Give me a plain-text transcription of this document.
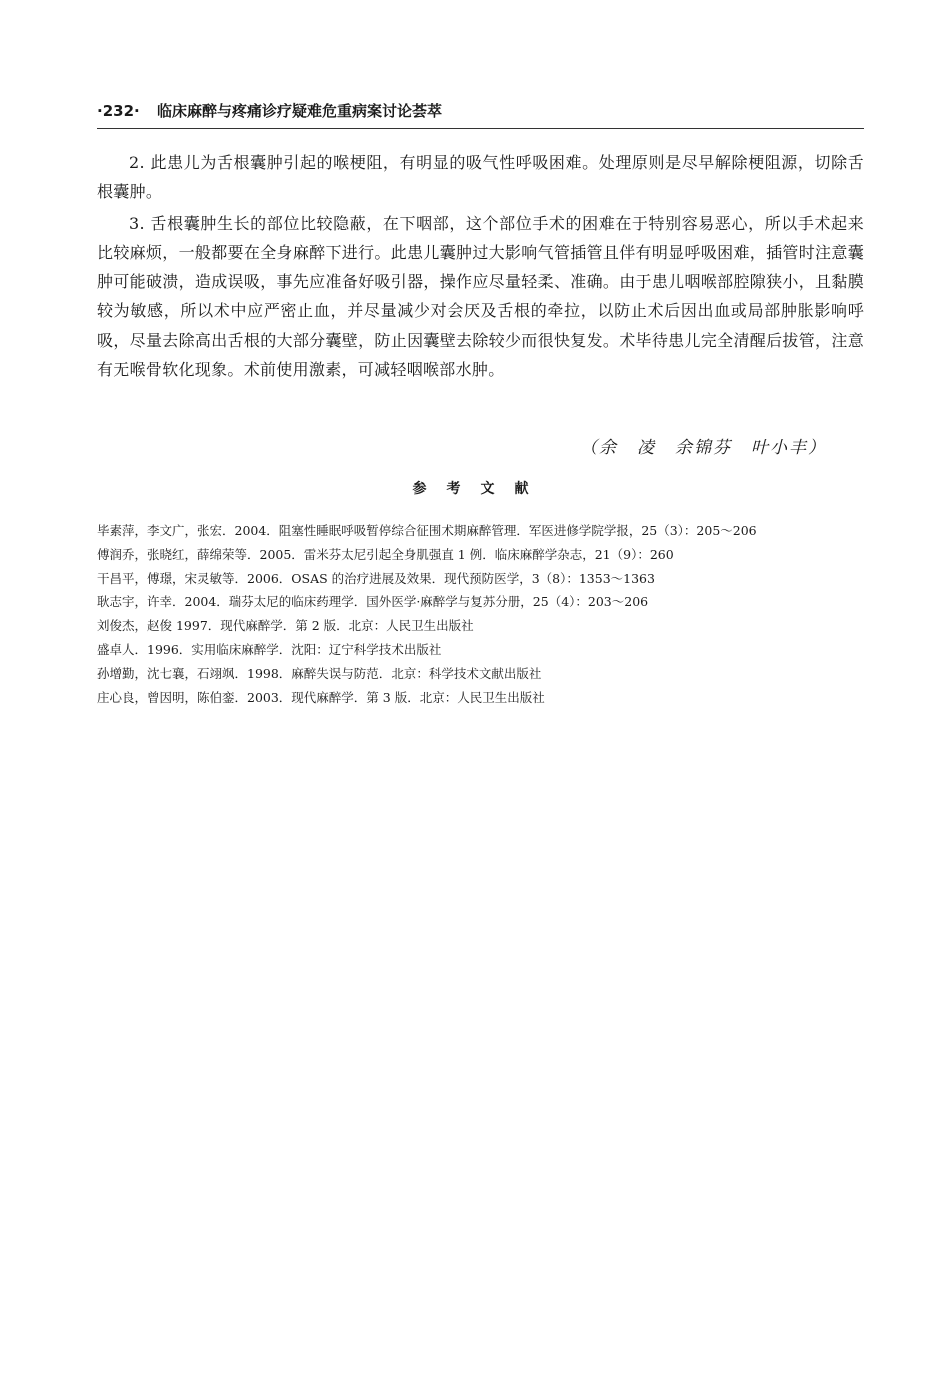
·232· 临床麻醉与疼痛诊疗疑难危重病案讨论荟萃

2. 此患儿为舌根囊肿引起的喉梗阻，有明显的吸气性呼吸困难。处理原则是尽早解除梗阻源，切除舌根囊肿。

3. 舌根囊肿生长的部位比较隐蔽，在下咽部，这个部位手术的困难在于特别容易恶心，所以手术起来比较麻烦，一般都要在全身麻醉下进行。此患儿囊肿过大影响气管插管且伴有明显呼吸困难，插管时注意囊肿可能破溃，造成误吸，事先应准备好吸引器，操作应尽量轻柔、准确。由于患儿咽喉部腔隙狭小，且黏膜较为敏感，所以术中应严密止血，并尽量减少对会厌及舌根的牵拉，以防止术后因出血或局部肿胀影响呼吸，尽量去除高出舌根的大部分囊壁，防止因囊壁去除较少而很快复发。术毕待患儿完全清醒后拔管，注意有无喉骨软化现象。术前使用激素，可减轻咽喉部水肿。

（余　凌　余锦芬　叶小丰）
参考文献
毕素萍，李文广，张宏．2004．阻塞性睡眠呼吸暂停综合征围术期麻醉管理．军医进修学院学报，25（3）：205～206
傅润乔，张晓红，薛绵荣等．2005．雷米芬太尼引起全身肌强直 1 例．临床麻醉学杂志，21（9）：260
干昌平，傅璟，宋灵敏等．2006．OSAS 的治疗进展及效果．现代预防医学，3（8）：1353～1363
耿志宇，许幸．2004．瑞芬太尼的临床药理学．国外医学·麻醉学与复苏分册，25（4）：203～206
刘俊杰，赵俊 1997．现代麻醉学．第 2 版．北京：人民卫生出版社
盛卓人．1996．实用临床麻醉学．沈阳：辽宁科学技术出版社
孙增勤，沈七襄，石翊飒．1998．麻醉失误与防范．北京：科学技术文献出版社
庄心良，曾因明，陈伯銮．2003．现代麻醉学．第 3 版．北京：人民卫生出版社
